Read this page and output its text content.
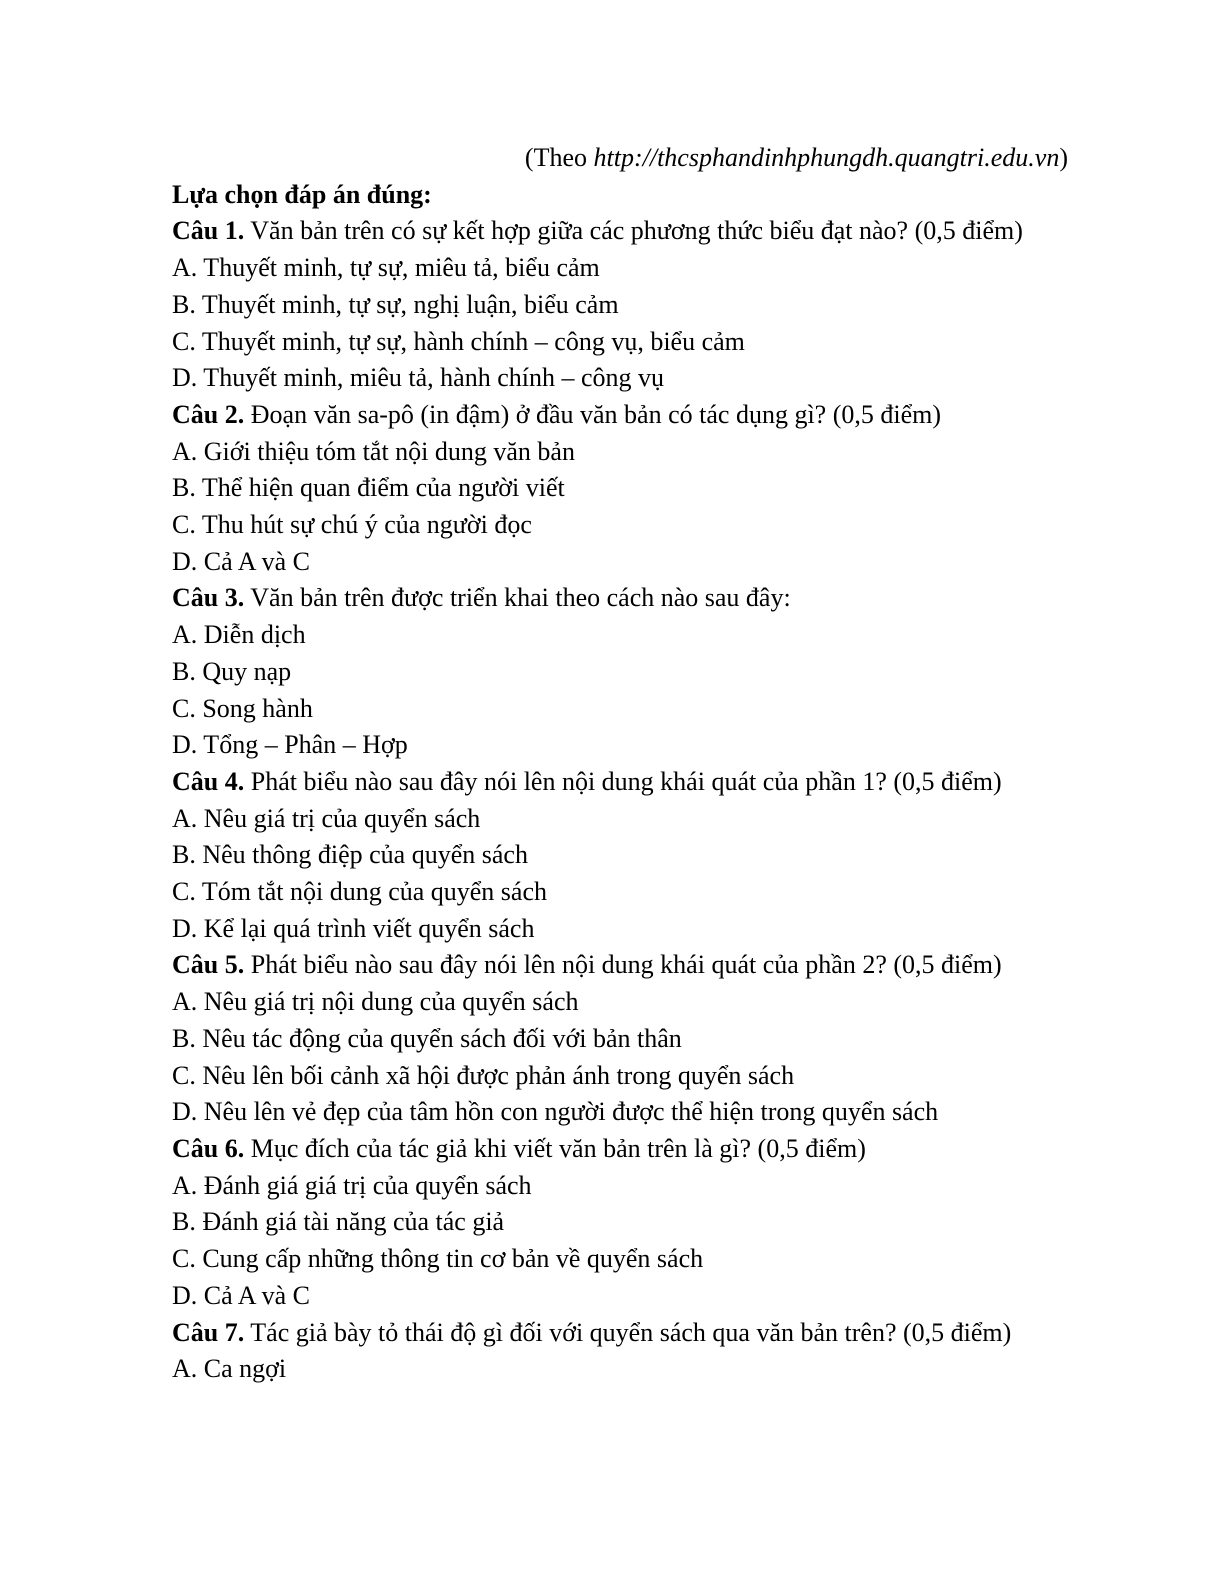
(Theo http://thcsphandinhphungdh.quangtri.edu.vn)
Lựa chọn đáp án đúng:
Câu 1. Văn bản trên có sự kết hợp giữa các phương thức biểu đạt nào? (0,5 điểm)
A. Thuyết minh, tự sự, miêu tả, biểu cảm
B. Thuyết minh, tự sự, nghị luận, biểu cảm
C. Thuyết minh, tự sự, hành chính – công vụ, biểu cảm
D. Thuyết minh, miêu tả, hành chính – công vụ
Câu 2. Đoạn văn sa-pô (in đậm) ở đầu văn bản có tác dụng gì? (0,5 điểm)
A. Giới thiệu tóm tắt nội dung văn bản
B. Thể hiện quan điểm của người viết
C. Thu hút sự chú ý của người đọc
D. Cả A và C
Câu 3. Văn bản trên được triển khai theo cách nào sau đây:
A. Diễn dịch
B. Quy nạp
C. Song hành
D. Tổng – Phân – Hợp
Câu 4. Phát biểu nào sau đây nói lên nội dung khái quát của phần 1? (0,5 điểm)
A. Nêu giá trị của quyển sách
B. Nêu thông điệp của quyển sách
C. Tóm tắt nội dung của quyển sách
D. Kể lại quá trình viết quyển sách
Câu 5. Phát biểu nào sau đây nói lên nội dung khái quát của phần 2? (0,5 điểm)
A. Nêu giá trị nội dung của quyển sách
B. Nêu tác động của quyển sách đối với bản thân
C. Nêu lên bối cảnh xã hội được phản ánh trong quyển sách
D. Nêu lên vẻ đẹp của tâm hồn con người được thể hiện trong quyển sách
Câu 6. Mục đích của tác giả khi viết văn bản trên là gì? (0,5 điểm)
A. Đánh giá giá trị của quyển sách
B. Đánh giá tài năng của tác giả
C. Cung cấp những thông tin cơ bản về quyển sách
D. Cả A và C
Câu 7. Tác giả bày tỏ thái độ gì đối với quyển sách qua văn bản trên? (0,5 điểm)
A. Ca ngợi
